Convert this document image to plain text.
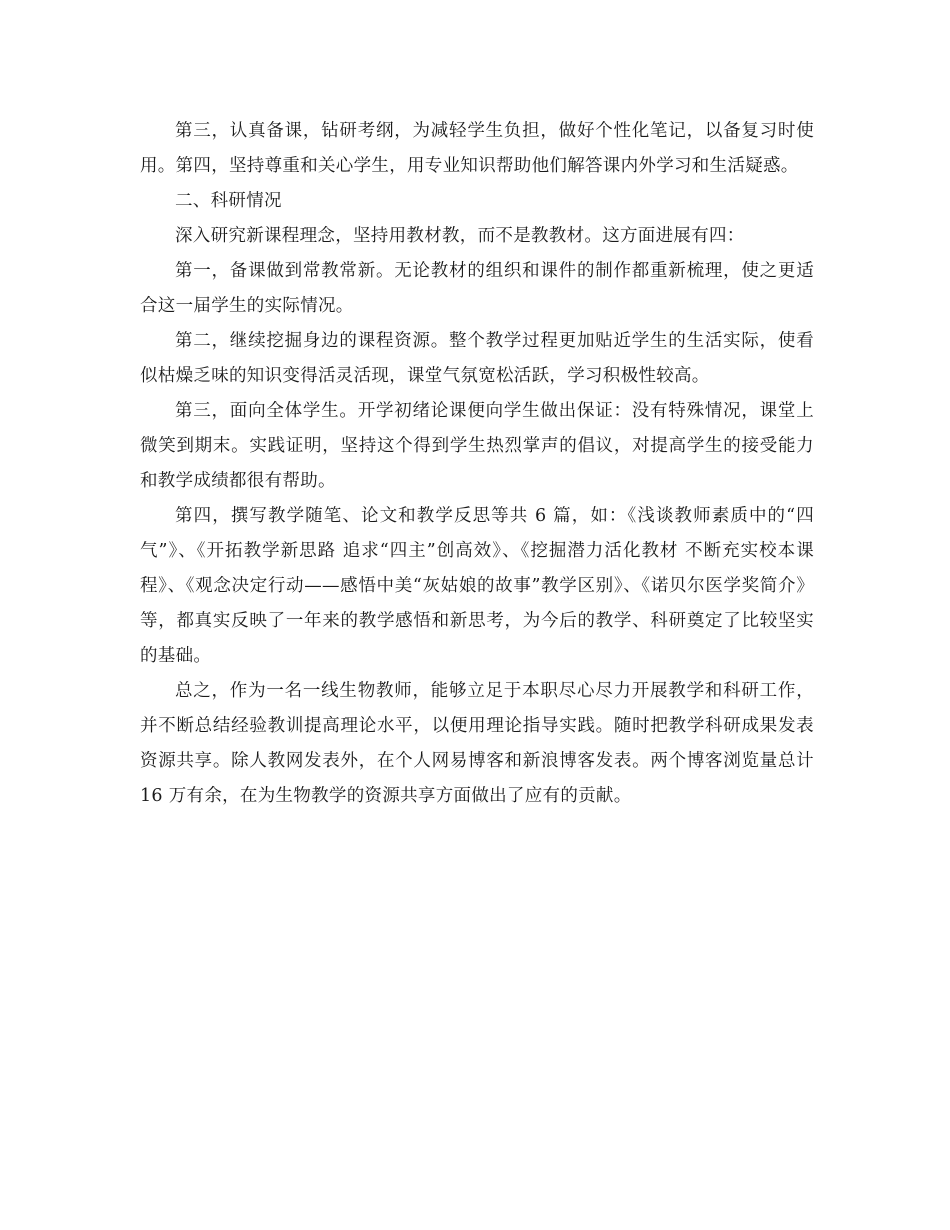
第三，认真备课，钻研考纲，为减轻学生负担，做好个性化笔记，以备复习时使用。第四，坚持尊重和关心学生，用专业知识帮助他们解答课内外学习和生活疑惑。

二、科研情况

深入研究新课程理念，坚持用教材教，而不是教教材。这方面进展有四：

第一，备课做到常教常新。无论教材的组织和课件的制作都重新梳理，使之更适合这一届学生的实际情况。

第二，继续挖掘身边的课程资源。整个教学过程更加贴近学生的生活实际，使看似枯燥乏味的知识变得活灵活现，课堂气氛宽松活跃，学习积极性较高。

第三，面向全体学生。开学初绪论课便向学生做出保证：没有特殊情况，课堂上微笑到期末。实践证明，坚持这个得到学生热烈掌声的倡议，对提高学生的接受能力和教学成绩都很有帮助。

第四，撰写教学随笔、论文和教学反思等共 6 篇，如：《浅谈教师素质中的“四气”》、《开拓教学新思路 追求“四主”创高效》、《挖掘潜力活化教材 不断充实校本课程》、《观念决定行动——感悟中美“灰姑娘的故事”教学区别》、《诺贝尔医学奖简介》等，都真实反映了一年来的教学感悟和新思考，为今后的教学、科研奠定了比较坚实的基础。

总之，作为一名一线生物教师，能够立足于本职尽心尽力开展教学和科研工作，并不断总结经验教训提高理论水平，以便用理论指导实践。随时把教学科研成果发表资源共享。除人教网发表外，在个人网易博客和新浪博客发表。两个博客浏览量总计 16 万有余，在为生物教学的资源共享方面做出了应有的贡献。
